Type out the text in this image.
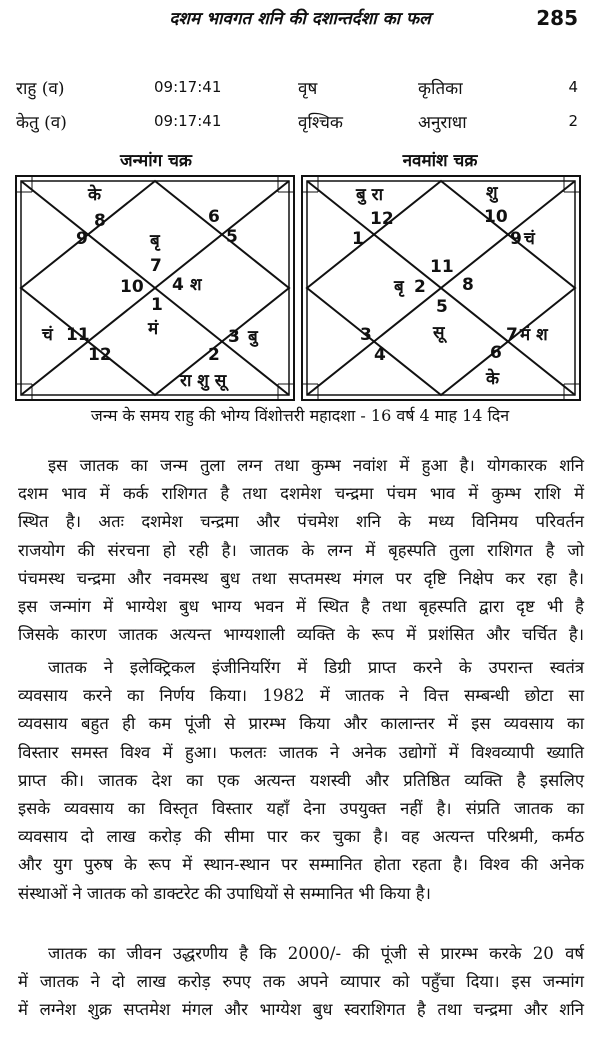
दशम भावगत शनि की दशान्तर्दशा का फल	285
राहु (व)	09:17:41	वृष	कृतिका	4
केतु (व)	09:17:41	वृश्चिक	अनुराधा	2
जन्मांग चक्र	नवमांश चक्र
के
8
9
6
5
बृ
7
10 4 श
1
मं
चं 11
12
3 बु
2
रा शु सू
बु रा
12
1
शु
10
9 चं
11
बृ 2 8
5
सू
3
4
7 मं श
6
के
जन्म के समय राहु की भोग्य विंशोत्तरी महादशा - 16 वर्ष 4 माह 14 दिन
इस जातक का जन्म तुला लग्न तथा कुम्भ नवांश में हुआ है। योगकारक शनि
दशम भाव में कर्क राशिगत है तथा दशमेश चन्द्रमा पंचम भाव में कुम्भ राशि में
स्थित है। अतः दशमेश चन्द्रमा और पंचमेश शनि के मध्य विनिमय परिवर्तन
राजयोग की संरचना हो रही है। जातक के लग्न में बृहस्पति तुला राशिगत है जो
पंचमस्थ चन्द्रमा और नवमस्थ बुध तथा सप्तमस्थ मंगल पर दृष्टि निक्षेप कर रहा है।
इस जन्मांग में भाग्येश बुध भाग्य भवन में स्थित है तथा बृहस्पति द्वारा दृष्ट भी है
जिसके कारण जातक अत्यन्त भाग्यशाली व्यक्ति के रूप में प्रशंसित और चर्चित है।
जातक ने इलेक्ट्रिकल इंजीनियरिंग में डिग्री प्राप्त करने के उपरान्त स्वतंत्र
व्यवसाय करने का निर्णय किया। 1982 में जातक ने वित्त सम्बन्धी छोटा सा
व्यवसाय बहुत ही कम पूंजी से प्रारम्भ किया और कालान्तर में इस व्यवसाय का
विस्तार समस्त विश्व में हुआ। फलतः जातक ने अनेक उद्योगों में विश्वव्यापी ख्याति
प्राप्त की। जातक देश का एक अत्यन्त यशस्वी और प्रतिष्ठित व्यक्ति है इसलिए
इसके व्यवसाय का विस्तृत विस्तार यहाँ देना उपयुक्त नहीं है। संप्रति जातक का
व्यवसाय दो लाख करोड़ की सीमा पार कर चुका है। वह अत्यन्त परिश्रमी, कर्मठ
और युग पुरुष के रूप में स्थान-स्थान पर सम्मानित होता रहता है। विश्व की अनेक
संस्थाओं ने जातक को डाक्टरेट की उपाधियों से सम्मानित भी किया है।
जातक का जीवन उद्धरणीय है कि 2000/- की पूंजी से प्रारम्भ करके 20 वर्ष
में जातक ने दो लाख करोड़ रुपए तक अपने व्यापार को पहुँचा दिया। इस जन्मांग
में लग्नेश शुक्र सप्तमेश मंगल और भाग्येश बुध स्वराशिगत है तथा चन्द्रमा और शनि
